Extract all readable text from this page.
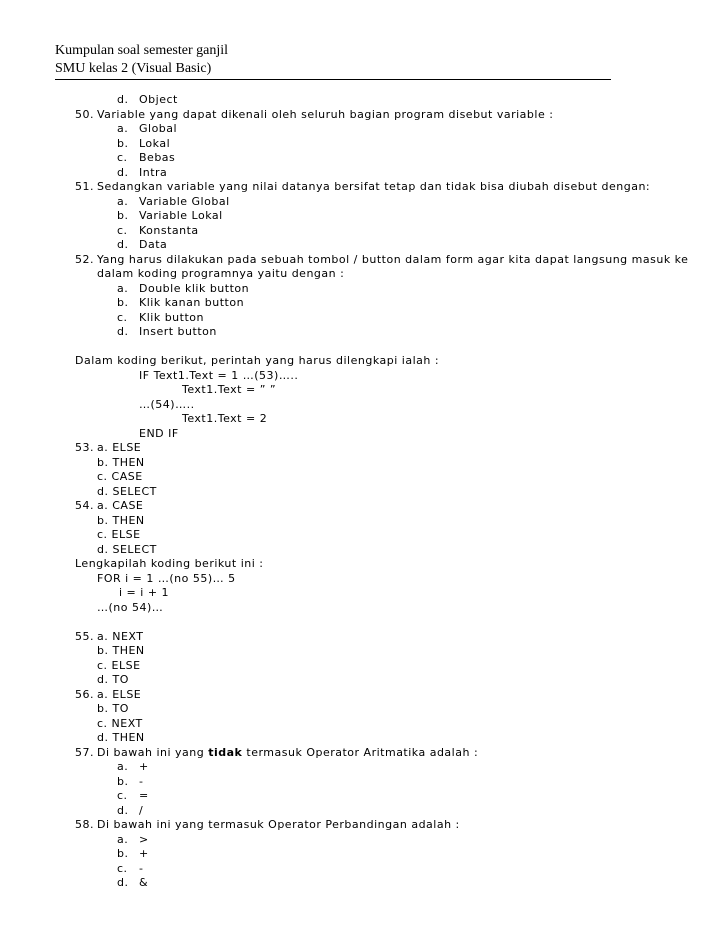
Kumpulan soal semester ganjil
SMU kelas 2 (Visual Basic)
d. Object
50. Variable yang dapat dikenali oleh seluruh bagian program disebut variable :
a. Global
b. Lokal
c. Bebas
d. Intra
51. Sedangkan variable yang nilai datanya bersifat tetap dan tidak bisa diubah disebut dengan:
a. Variable Global
b. Variable Lokal
c. Konstanta
d. Data
52. Yang harus dilakukan pada sebuah tombol / button dalam form agar kita dapat langsung masuk ke
dalam koding programnya yaitu dengan :
a. Double klik button
b. Klik kanan button
c. Klik button
d. Insert button
Dalam koding berikut, perintah yang harus dilengkapi ialah :
IF Text1.Text = 1 …(53)…..
Text1.Text = ” ”
…(54)…..
Text1.Text = 2
END IF
53. a. ELSE
b. THEN
c. CASE
d. SELECT
54. a. CASE
b. THEN
c. ELSE
d. SELECT
Lengkapilah koding berikut ini :
FOR i = 1 …(no 55)… 5
i = i + 1
…(no 54)…
55. a. NEXT
b. THEN
c. ELSE
d. TO
56. a. ELSE
b. TO
c. NEXT
d. THEN
57. Di bawah ini yang tidak termasuk Operator Aritmatika adalah :
a. +
b. -
c. =
d. /
58. Di bawah ini yang termasuk Operator Perbandingan adalah :
a. >
b. +
c. -
d. &
